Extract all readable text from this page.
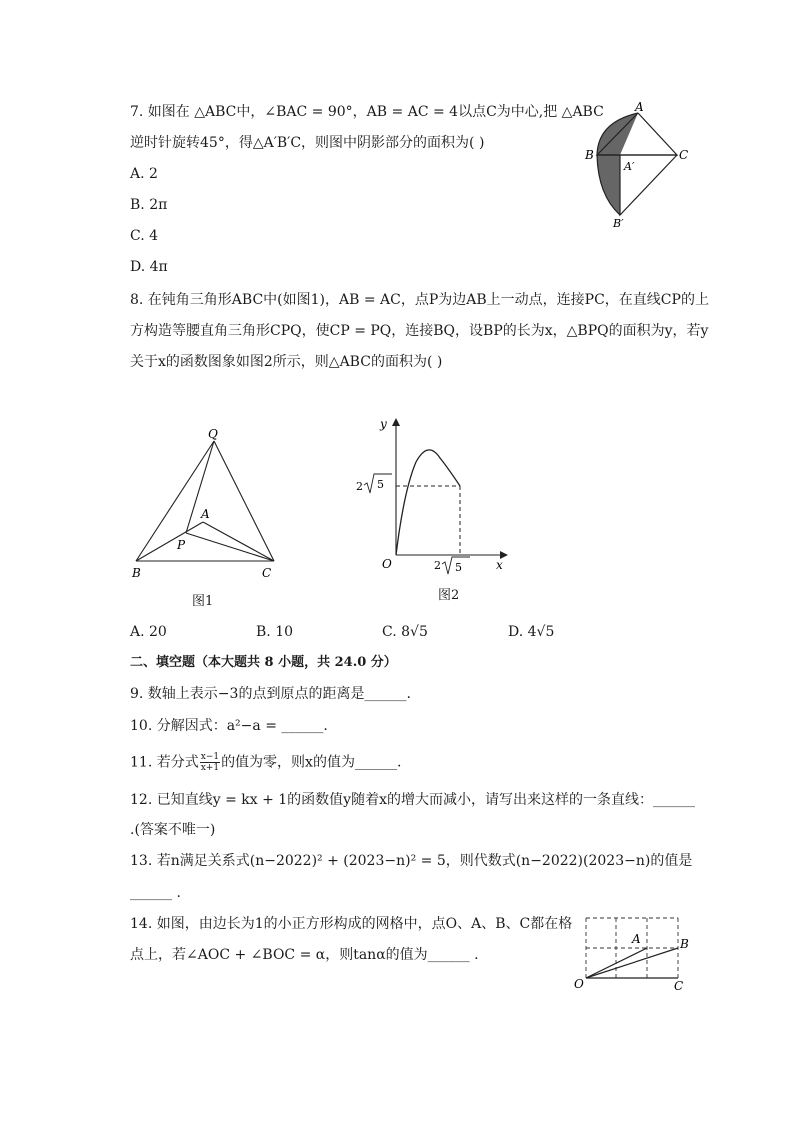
7. 如图在 △ABC中，∠BAC = 90°，AB = AC = 4以点C为中心,把 △ABC
逆时针旋转45°，得△A′B′C，则图中阴影部分的面积为( )
A. 2
B. 2π
C. 4
D. 4π
A
B	C
A′
B′
8. 在钝角三角形ABC中(如图1)，AB = AC，点P为边AB上一动点，连接PC，在直线CP的上
方构造等腰直角三角形CPQ，使CP = PQ，连接BQ，设BP的长为x，△BPQ的面积为y，若y
关于x的函数图象如图2所示，则△ABC的面积为( )
Q
A
P
B	C
图1
y
x
O
2 5
2 5
图2
A. 20	B. 10	C. 8√5	D. 4√5
二、填空题（本大题共 8 小题，共 24.0 分）
9. 数轴上表示−3的点到原点的距离是______.
10. 分解因式：a²−a = ______.
11. 若分式 $\frac{x-1}{x+1}$ 的值为零，则x的值为______.
12. 已知直线y = kx + 1的函数值y随着x的增大而减小，请写出来这样的一条直线：______
.(答案不唯一)
13. 若n满足关系式(n−2022)² + (2023−n)² = 5，则代数式(n−2022)(2023−n)的值是
______ .
14. 如图，由边长为1的小正方形构成的网格中，点O、A、B、C都在格
点上，若∠AOC + ∠BOC = α，则tanα的值为______ .
O
A	B
C
